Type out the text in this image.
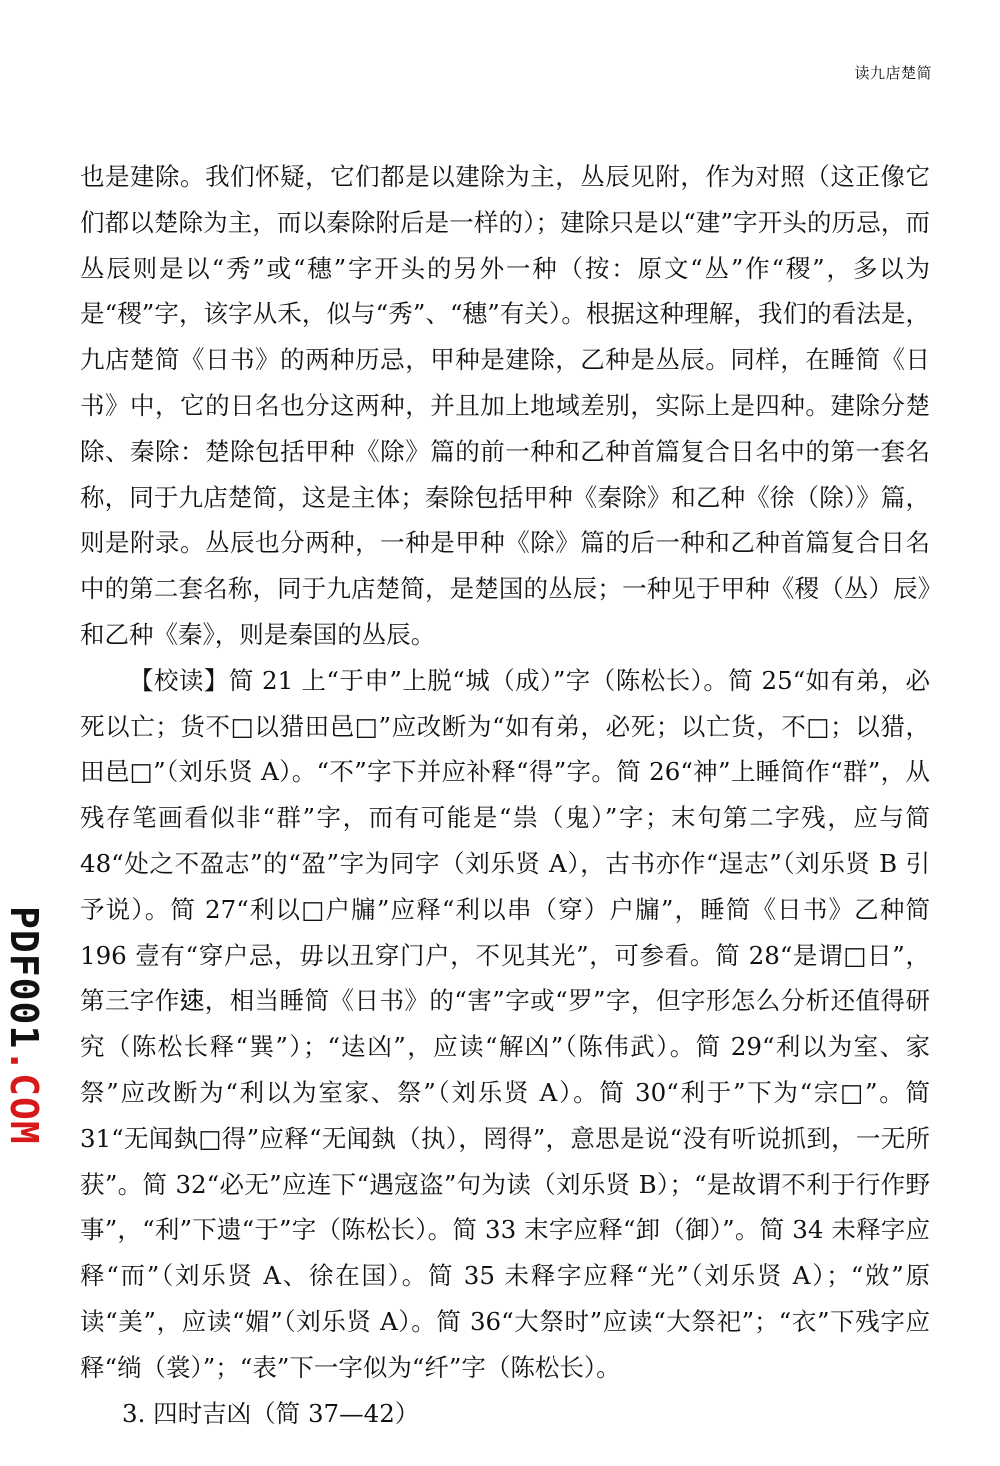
读九店楚简

也是建除。我们怀疑，它们都是以建除为主，丛辰见附，作为对照（这正像它们都以楚除为主，而以秦除附后是一样的）；建除只是以“建”字开头的历忌，而丛辰则是以“秀”或“穗”字开头的另外一种（按：原文“丛”作“稷”，多以为是“稷”字，该字从禾，似与“秀”、“穗”有关）。根据这种理解，我们的看法是，九店楚简《日书》的两种历忌，甲种是建除，乙种是丛辰。同样，在睡简《日书》中，它的日名也分这两种，并且加上地域差别，实际上是四种。建除分楚除、秦除：楚除包括甲种《除》篇的前一种和乙种首篇复合日名中的第一套名称，同于九店楚简，这是主体；秦除包括甲种《秦除》和乙种《徐（除）》篇，则是附录。丛辰也分两种，一种是甲种《除》篇的后一种和乙种首篇复合日名中的第二套名称，同于九店楚简，是楚国的丛辰；一种见于甲种《稷（丛）辰》和乙种《秦》，则是秦国的丛辰。

【校读】简 21 上“于申”上脱“城（成）”字（陈松长）。简 25“如有弟，必死以亡；货不□以猎田邑□”应改断为“如有弟，必死；以亡货，不□；以猎，田邑□”（刘乐贤 A）。“不”字下并应补释“得”字。简 26“神”上睡简作“群”，从残存笔画看似非“群”字，而有可能是“祟（鬼）”字；末句第二字残，应与简 48“处之不盈志”的“盈”字为同字（刘乐贤 A），古书亦作“逞志”（刘乐贤 B 引予说）。简 27“利以□户牖”应释“利以串（穿）户牖”，睡简《日书》乙种简 196 壹有“穿户忌，毋以丑穿门户，不见其光”，可参看。简 28“是谓□日”，第三字作𨒪，相当睡简《日书》的“害”字或“罗”字，但字形怎么分析还值得研究（陈松长释“巽”）；“迲凶”，应读“解凶”（陈伟武）。简 29“利以为室、家祭”应改断为“利以为室家、祭”（刘乐贤 A）。简 30“利于”下为“宗□”。简 31“无闻埶□得”应释“无闻埶（执），罔得”，意思是说“没有听说抓到，一无所获”。简 32“必无”应连下“遇寇盗”句为读（刘乐贤 B）；“是故谓不利于行作野事”，“利”下遗“于”字（陈松长）。简 33 末字应释“卸（御）”。简 34 未释字应释“而”（刘乐贤 A、徐在国）。简 35 未释字应释“光”（刘乐贤 A）；“敚”原读“美”，应读“媚”（刘乐贤 A）。简 36“大祭时”应读“大祭祀”；“衣”下残字应释“绱（裳）”；“表”下一字似为“纤”字（陈松长）。

3. 四时吉凶（简 37—42）

PDF001.COM
